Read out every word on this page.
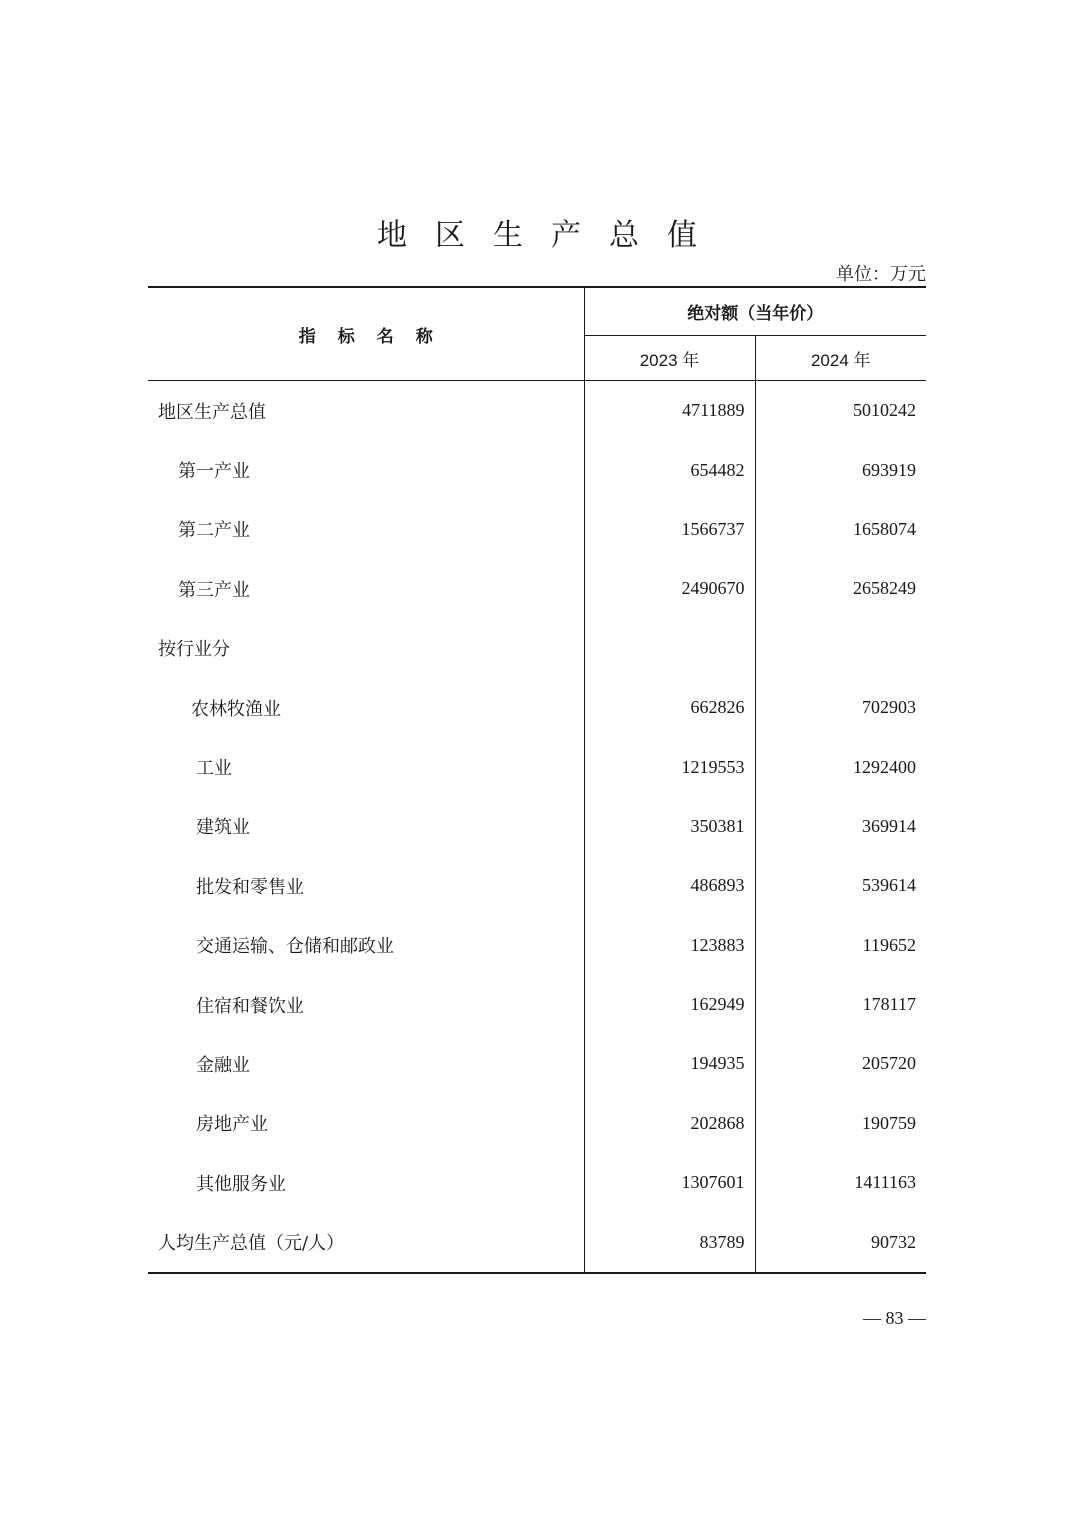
地区生产总值
单位：万元
指标名称	绝对额（当年价）	
	2023 年	2024 年
地区生产总值	4711889	5010242
第一产业	654482	693919
第二产业	1566737	1658074
第三产业	2490670	2658249
按行业分		
农林牧渔业	662826	702903
工业	1219553	1292400
建筑业	350381	369914
批发和零售业	486893	539614
交通运输、仓储和邮政业	123883	119652
住宿和餐饮业	162949	178117
金融业	194935	205720
房地产业	202868	190759
其他服务业	1307601	1411163
人均生产总值（元/人）	83789	90732
— 83 —
